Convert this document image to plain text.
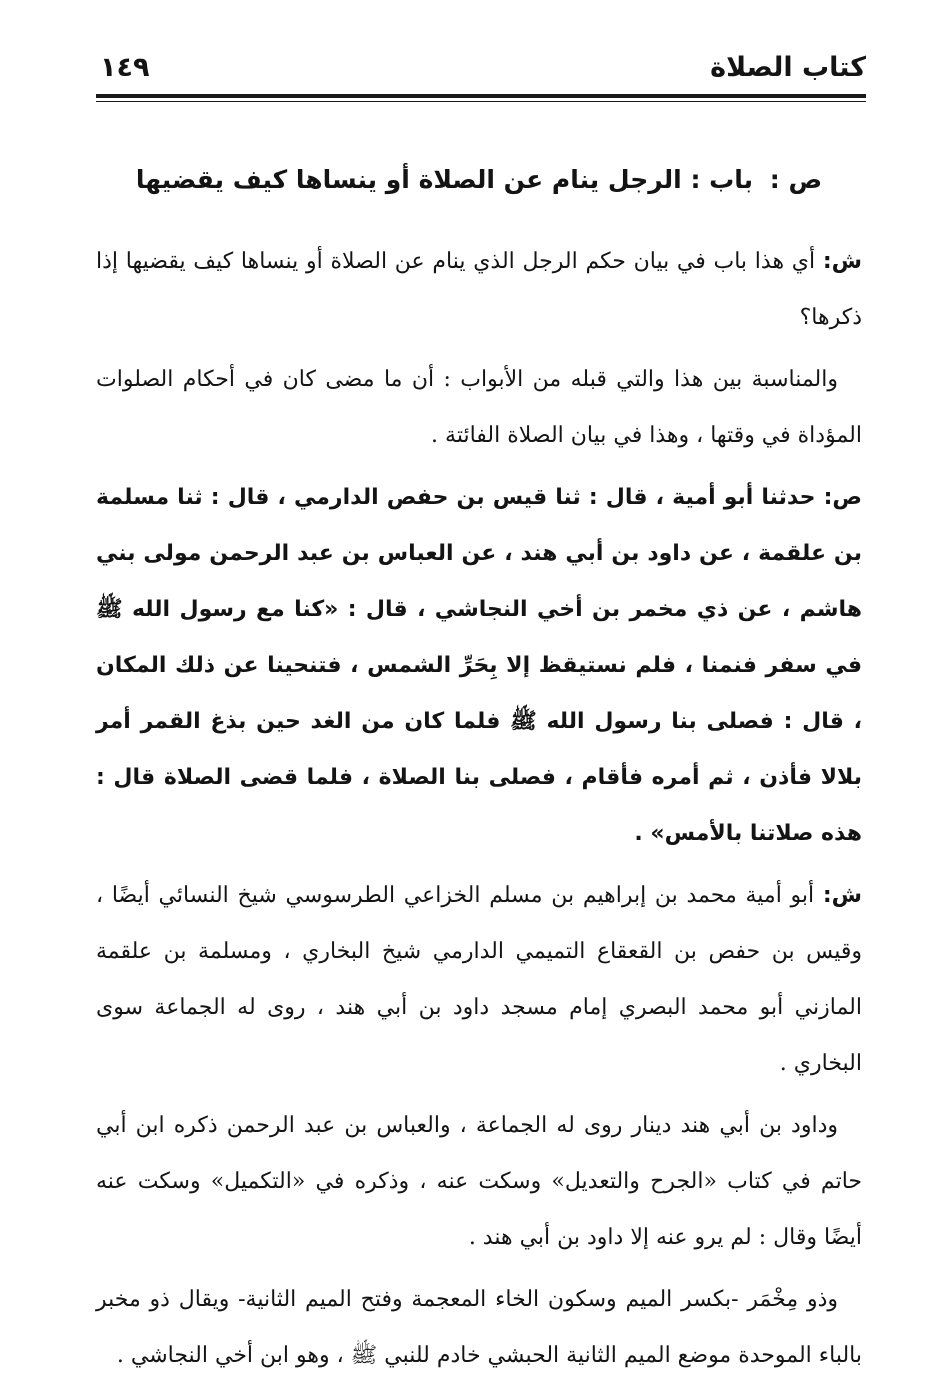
كتاب الصلاة
١٤٩
ص : باب : الرجل ينام عن الصلاة أو ينساها كيف يقضيها

ش: أي هذا باب في بيان حكم الرجل الذي ينام عن الصلاة أو ينساها كيف يقضيها إذا ذكرها؟

والمناسبة بين هذا والتي قبله من الأبواب : أن ما مضى كان في أحكام الصلوات المؤداة في وقتها ، وهذا في بيان الصلاة الفائتة .

ص: حدثنا أبو أمية ، قال : ثنا قيس بن حفص الدارمي ، قال : ثنا مسلمة بن علقمة ، عن داود بن أبي هند ، عن العباس بن عبد الرحمن مولى بني هاشم ، عن ذي مخمر بن أخي النجاشي ، قال : «كنا مع رسول الله ﷺ في سفر فنمنا ، فلم نستيقظ إلا بِحَرِّ الشمس ، فتنحينا عن ذلك المكان ، قال : فصلى بنا رسول الله ﷺ فلما كان من الغد حين بذغ القمر أمر بلالا فأذن ، ثم أمره فأقام ، فصلى بنا الصلاة ، فلما قضى الصلاة قال : هذه صلاتنا بالأمس» .

ش: أبو أمية محمد بن إبراهيم بن مسلم الخزاعي الطرسوسي شيخ النسائي أيضًا ، وقيس بن حفص بن القعقاع التميمي الدارمي شيخ البخاري ، ومسلمة بن علقمة المازني أبو محمد البصري إمام مسجد داود بن أبي هند ، روى له الجماعة سوى البخاري .

وداود بن أبي هند دينار روى له الجماعة ، والعباس بن عبد الرحمن ذكره ابن أبي حاتم في كتاب «الجرح والتعديل» وسكت عنه ، وذكره في «التكميل» وسكت عنه أيضًا وقال : لم يرو عنه إلا داود بن أبي هند .

وذو مِخْمَر -بكسر الميم وسكون الخاء المعجمة وفتح الميم الثانية- ويقال ذو مخبر بالباء الموحدة موضع الميم الثانية الحبشي خادم للنبي ﷺ ، وهو ابن أخي النجاشي .
